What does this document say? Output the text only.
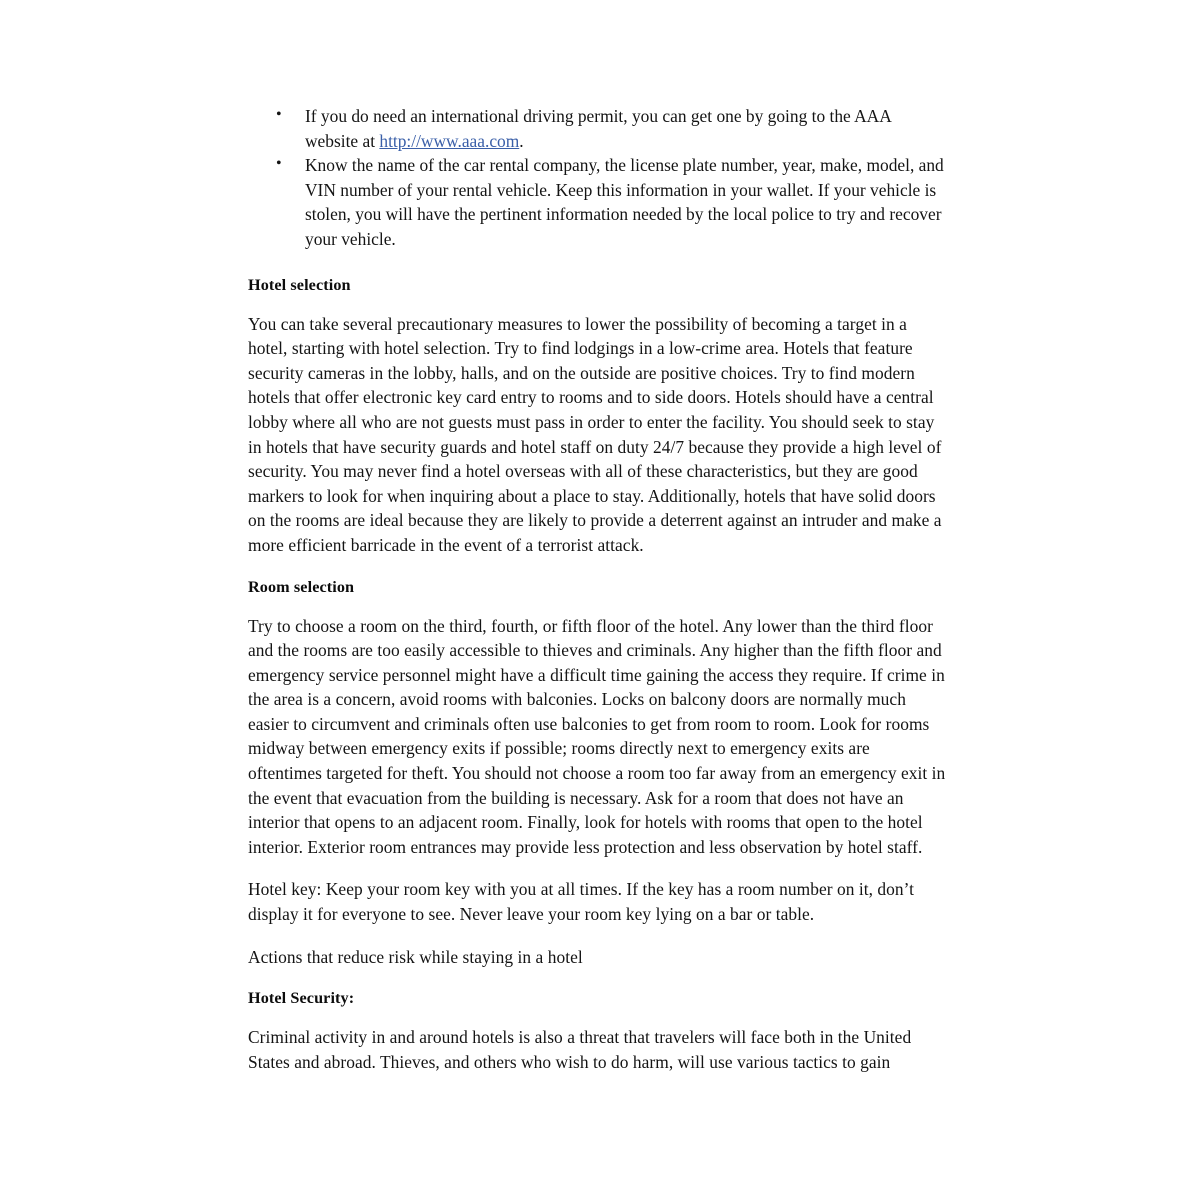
• If you do need an international driving permit, you can get one by going to the AAA website at http://www.aaa.com.
• Know the name of the car rental company, the license plate number, year, make, model, and VIN number of your rental vehicle. Keep this information in your wallet. If your vehicle is stolen, you will have the pertinent information needed by the local police to try and recover your vehicle.
Hotel selection

You can take several precautionary measures to lower the possibility of becoming a target in a hotel, starting with hotel selection. Try to find lodgings in a low-crime area. Hotels that feature security cameras in the lobby, halls, and on the outside are positive choices. Try to find modern hotels that offer electronic key card entry to rooms and to side doors. Hotels should have a central lobby where all who are not guests must pass in order to enter the facility. You should seek to stay in hotels that have security guards and hotel staff on duty 24/7 because they provide a high level of security. You may never find a hotel overseas with all of these characteristics, but they are good markers to look for when inquiring about a place to stay. Additionally, hotels that have solid doors on the rooms are ideal because they are likely to provide a deterrent against an intruder and make a more efficient barricade in the event of a terrorist attack.

Room selection

Try to choose a room on the third, fourth, or fifth floor of the hotel. Any lower than the third floor and the rooms are too easily accessible to thieves and criminals. Any higher than the fifth floor and emergency service personnel might have a difficult time gaining the access they require. If crime in the area is a concern, avoid rooms with balconies. Locks on balcony doors are normally much easier to circumvent and criminals often use balconies to get from room to room. Look for rooms midway between emergency exits if possible; rooms directly next to emergency exits are oftentimes targeted for theft. You should not choose a room too far away from an emergency exit in the event that evacuation from the building is necessary. Ask for a room that does not have an interior that opens to an adjacent room. Finally, look for hotels with rooms that open to the hotel interior. Exterior room entrances may provide less protection and less observation by hotel staff.

Hotel key: Keep your room key with you at all times. If the key has a room number on it, don’t display it for everyone to see. Never leave your room key lying on a bar or table.

Actions that reduce risk while staying in a hotel

Hotel Security:

Criminal activity in and around hotels is also a threat that travelers will face both in the United States and abroad. Thieves, and others who wish to do harm, will use various tactics to gain
